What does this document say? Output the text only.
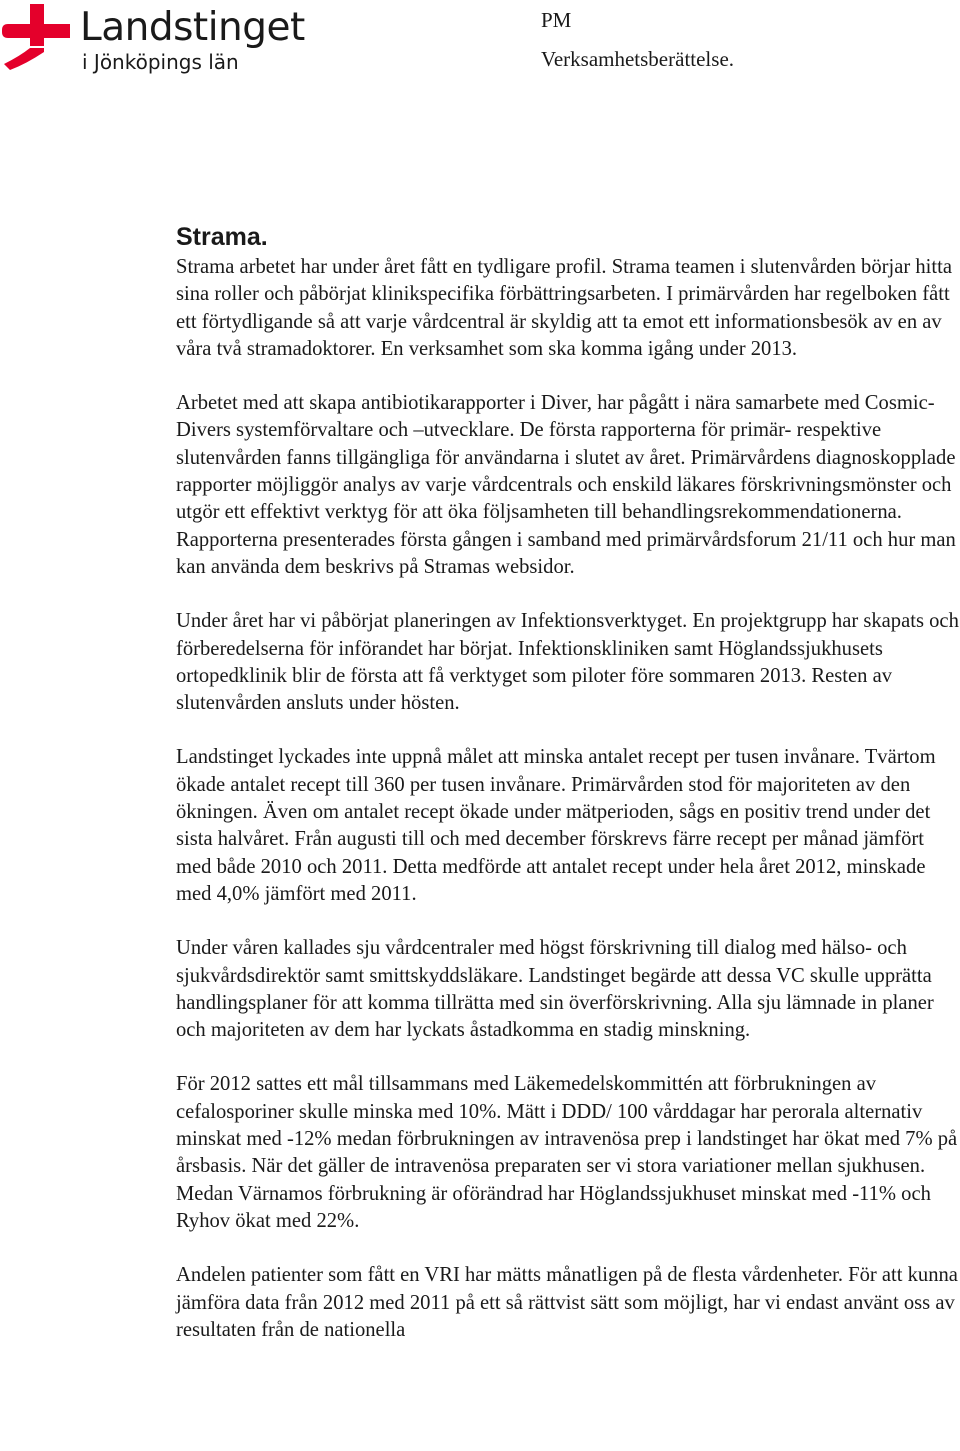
Landstinget
i Jönköpings län
PM
Verksamhetsberättelse.
Strama.

Strama arbetet har under året fått en tydligare profil. Strama teamen i slutenvården börjar hitta sina roller och påbörjat klinikspecifika förbättringsarbeten. I primärvården har regelboken fått ett förtydligande så att varje vårdcentral är skyldig att ta emot ett informationsbesök av en av våra två stramadoktorer. En verksamhet som ska komma igång under 2013.

Arbetet med att skapa antibiotikarapporter i Diver, har pågått i nära samarbete med Cosmic-Divers systemförvaltare och –utvecklare. De första rapporterna för primär- respektive slutenvården fanns tillgängliga för användarna i slutet av året. Primärvårdens diagnoskopplade rapporter möjliggör analys av varje vårdcentrals och enskild läkares förskrivningsmönster och utgör ett effektivt verktyg för att öka följsamheten till behandlingsrekommendationerna. Rapporterna presenterades första gången i samband med primärvårdsforum 21/11 och hur man kan använda dem beskrivs på Stramas websidor.

Under året har vi påbörjat planeringen av Infektionsverktyget. En projektgrupp har skapats och förberedelserna för införandet har börjat. Infektionskliniken samt Höglandssjukhusets ortopedklinik blir de första att få verktyget som piloter före sommaren 2013. Resten av slutenvården ansluts under hösten.

Landstinget lyckades inte uppnå målet att minska antalet recept per tusen invånare. Tvärtom ökade antalet recept till 360 per tusen invånare. Primärvården stod för majoriteten av den ökningen. Även om antalet recept ökade under mätperioden, sågs en positiv trend under det sista halvåret. Från augusti till och med december förskrevs färre recept per månad jämfört med både 2010 och 2011. Detta medförde att antalet recept under hela året 2012, minskade med 4,0% jämfört med 2011.

Under våren kallades sju vårdcentraler med högst förskrivning till dialog med hälso- och sjukvårdsdirektör samt smittskyddsläkare. Landstinget begärde att dessa VC skulle upprätta handlingsplaner för att komma tillrätta med sin överförskrivning. Alla sju lämnade in planer och majoriteten av dem har lyckats åstadkomma en stadig minskning.

För 2012 sattes ett mål tillsammans med Läkemedelskommittén att förbrukningen av cefalosporiner skulle minska med 10%. Mätt i DDD/ 100 vårddagar har perorala alternativ minskat med -12% medan förbrukningen av intravenösa prep i landstinget har ökat med 7% på årsbasis. När det gäller de intravenösa preparaten ser vi stora variationer mellan sjukhusen. Medan Värnamos förbrukning är oförändrad har Höglandssjukhuset minskat med -11% och Ryhov ökat med 22%.

Andelen patienter som fått en VRI har mätts månatligen på de flesta vårdenheter. För att kunna jämföra data från 2012 med 2011 på ett så rättvist sätt som möjligt, har vi endast använt oss av resultaten från de nationella
